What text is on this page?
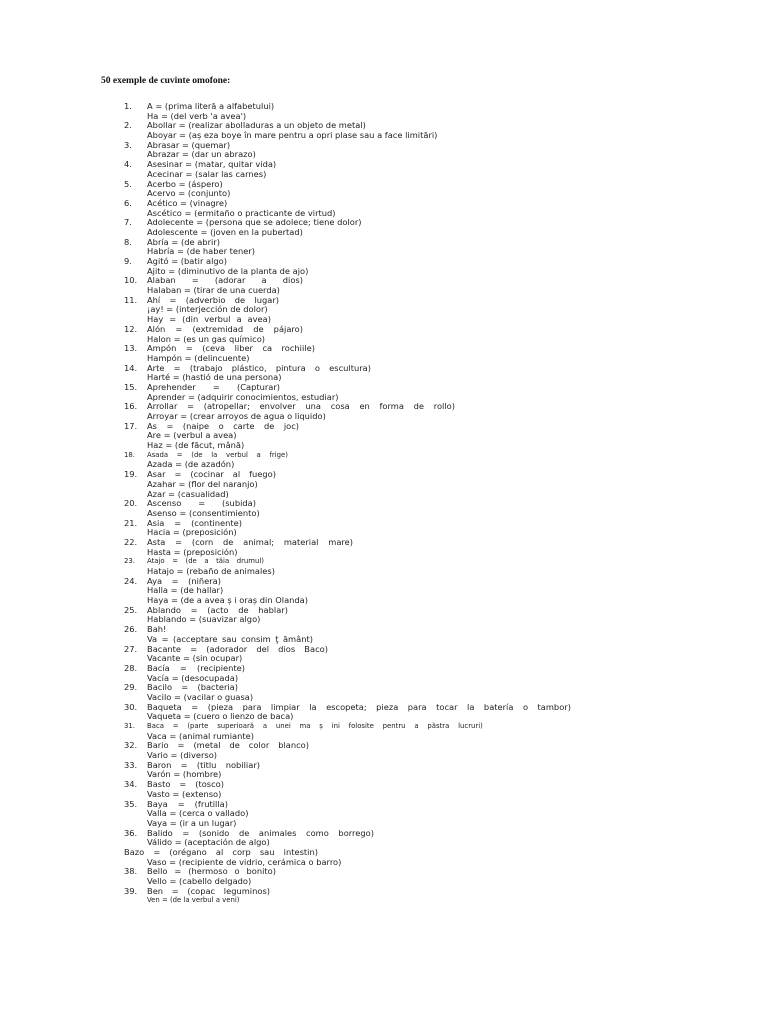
50 exemple de cuvinte omofone:
1.	A = (prima literă a alfabetului)
Ha = (del verb 'a avea')
2.	Abollar = (realizar abolladuras a un objeto de metal)
Aboyar = (aș eza boye în mare pentru a opri plase sau a face limitări)
3.	Abrasar = (quemar)
Abrazar = (dar un abrazo)
4.	Asesinar = (matar, quitar vida)
Acecinar = (salar las carnes)
5.	Acerbo = (áspero)
Acervo = (conjunto)
6.	Acético = (vinagre)
Ascético = (ermitaño o practicante de virtud)
7.	Adolecente = (persona que se adolece; tiene dolor)
Adolescente = (joven en la pubertad)
8.	Abría = (de abrir)
Habría = (de haber tener)
9.	Agitó = (batir algo)
Ajito = (diminutivo de la planta de ajo)
10.	Alaban = (adorar a dios)
Halaban = (tirar de una cuerda)
11.	Ahí = (adverbio de lugar)
¡ay! = (interjección de dolor)
Hay = (din verbul a avea)
12.	Alón = (extremidad de pájaro)
Halon = (es un gas químico)
13.	Ampón = (ceva liber ca rochiile)
Hampón = (delincuente)
14.	Arte = (trabajo plástico, pintura o escultura)
Harté = (hastió de una persona)
15.	Aprehender = (Capturar)
Aprender = (adquirir conocimientos, estudiar)
16.	Arrollar = (atropellar; envolver una cosa en forma de rollo)
Arroyar = (crear arroyos de agua o liquido)
17.	As = (naipe o carte de joc)
Are = (verbul a avea)
Haz = (de făcut, mână)
18.	Asada = (de la verbul a frige)
Azada = (de azadón)
19.	Asar = (cocinar al fuego)
Azahar = (flor del naranjo)
Azar = (casualidad)
20.	Ascenso = (subida)
Asenso = (consentimiento)
21.	Asia = (continente)
Hacia = (preposición)
22.	Asta = (corn de animal; material mare)
Hasta = (preposición)
23.	Atajo = (de a tăia drumul)
Hatajo = (rebaño de animales)
24.	Aya = (niñera)
Halla = (de hallar)
Haya = (de a avea ș i oraș din Olanda)
25.	Ablando = (acto de hablar)
Hablando = (suavizar algo)
26.	Bah!
Va = (acceptare sau consim ţ ământ)
27.	Bacante = (adorador del dios Baco)
Vacante = (sin ocupar)
28.	Bacía = (recipiente)
Vacía = (desocupada)
29.	Bacilo = (bacteria)
Vacilo = (vacilar o guasa)
30.	Baqueta = (pieza para limpiar la escopeta; pieza para tocar la batería o tambor)
Vaqueta = (cuero o lienzo de baca)
31.	Baca = (parte superioară a unei ma ș ini folosite pentru a păstra lucruri)
Vaca = (animal rumiante)
32.	Bario = (metal de color blanco)
Vario = (diverso)
33.	Baron = (titlu nobiliar)
Varón = (hombre)
34.	Basto = (tosco)
Vasto = (extenso)
35.	Baya = (frutilla)
Valla = (cerca o vallado)
Vaya = (ir a un lugar)
36.	Balido = (sonido de animales como borrego)
Válido = (aceptación de algo)
Bazo = (orégano al corp sau intestin)
Vaso = (recipiente de vidrio, cerámica o barro)
38.	Bello = (hermoso o bonito)
Vello = (cabello delgado)
39.	Ben = (copac leguminos)
Ven = (de la verbul a veni)
